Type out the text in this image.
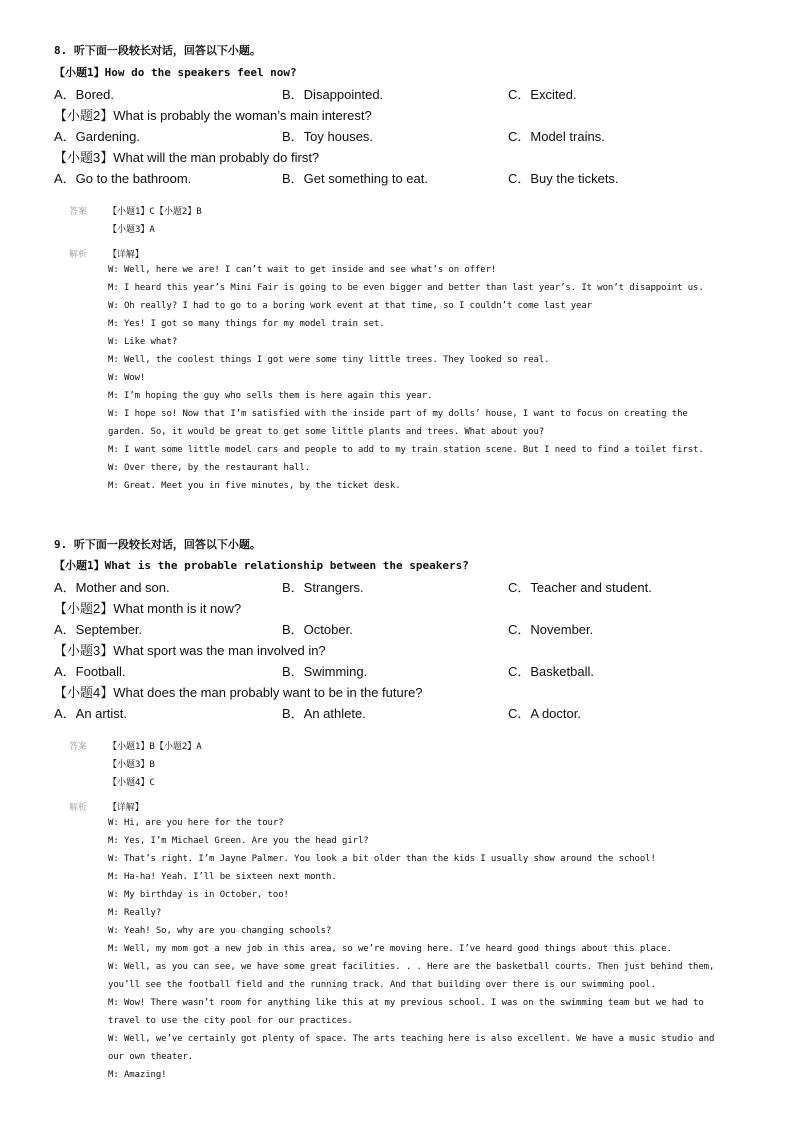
8. 听下面一段较长对话，回答以下小题。
【小题1】How do the speakers feel now?
A．Bored.	B．Disappointed.	C．Excited.
【小题2】What is probably the woman’s main interest?
A．Gardening.	B．Toy houses.	C．Model trains.
【小题3】What will the man probably do first?
A．Go to the bathroom.	B．Get something to eat.	C．Buy the tickets.
答案 【小题1】C【小题2】B
【小题3】A
解析 【详解】
W: Well, here we are! I can’t wait to get inside and see what’s on offer!
M: I heard this year’s Mini Fair is going to be even bigger and better than last year’s. It won’t disappoint us.
W: Oh really? I had to go to a boring work event at that time, so I couldn’t come last year
M: Yes! I got so many things for my model train set.
W: Like what?
M: Well, the coolest things I got were some tiny little trees. They looked so real.
W: Wow!
M: I’m hoping the guy who sells them is here again this year.
W: I hope so! Now that I’m satisfied with the inside part of my dolls’ house, I want to focus on creating the
garden. So, it would be great to get some little plants and trees. What about you?
M: I want some little model cars and people to add to my train station scene. But I need to find a toilet first.
W: Over there, by the restaurant hall.
M: Great. Meet you in five minutes, by the ticket desk.
9. 听下面一段较长对话，回答以下小题。
【小题1】What is the probable relationship between the speakers?
A．Mother and son.	B．Strangers.	C．Teacher and student.
【小题2】What month is it now?
A．September.	B．October.	C．November.
【小题3】What sport was the man involved in?
A．Football.	B．Swimming.	C．Basketball.
【小题4】What does the man probably want to be in the future?
A．An artist.	B．An athlete.	C．A doctor.
答案 【小题1】B【小题2】A
【小题3】B
【小题4】C
解析 【详解】
W: Hi, are you here for the tour?
M: Yes, I’m Michael Green. Are you the head girl?
W: That’s right. I’m Jayne Palmer. You look a bit older than the kids I usually show around the school!
M: Ha-ha! Yeah. I’ll be sixteen next month.
W: My birthday is in October, too!
M: Really?
W: Yeah! So, why are you changing schools?
M: Well, my mom got a new job in this area, so we’re moving here. I’ve heard good things about this place.
W: Well, as you can see, we have some great facilities. . . Here are the basketball courts. Then just behind them,
you’ll see the football field and the running track. And that building over there is our swimming pool.
M: Wow! There wasn’t room for anything like this at my previous school. I was on the swimming team but we had to
travel to use the city pool for our practices.
W: Well, we’ve certainly got plenty of space. The arts teaching here is also excellent. We have a music studio and
our own theater.
M: Amazing!
